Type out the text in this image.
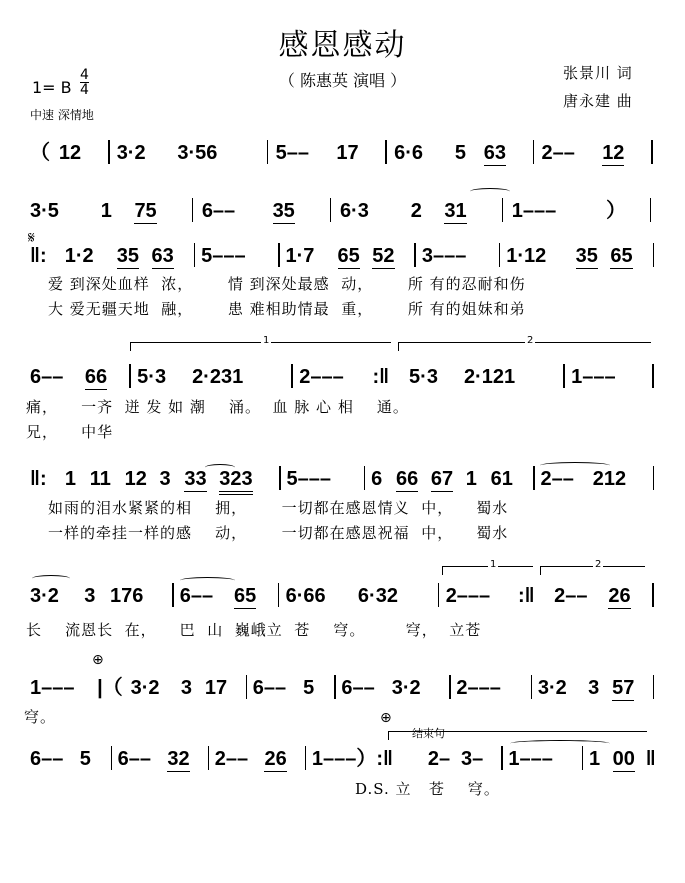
感恩感动
（ 陈惠英 演唱 ）	张景川 词
唐永建 曲
1= B
4
4
中速 深情地
（ 12 3·2 3·56	5–– 17 6·6 5 63 2–– 12
3·5 1 75 6–– 35 6·3 2 31 1––– ）
‖: 1·2 35 63 5––– 1·7 65 52 3––– 1·12 35 65
6–– 66 5·3 2·231	2––– :‖ 5·3 2·121	1–––
‖: 1 11 12 3 33 323 5––– 6 66 67 1 61 2–– 212
3·2 3 176 6–– 65 6·66 6·32 2––– :‖ 2–– 26
1––– |（ 3·2 3 17 6–– 5 6–– 3·2 2––– 3·2 3 57
6–– 5 6–– 32 2–– 26 1–––）:‖ 2– 3– 1––– 1 00 ‖
爱 到深处血样  浓，      情 到深处最感  动，      所 有的忍耐和伤
大 爱无疆天地  融，      患 难相助情最  重，      所 有的姐妹和弟
痛，    一齐  迸 发 如 潮    涌。  血 脉 心 相    通。
兄，    中华
如雨的泪水紧紧的相    拥，      一切都在感恩情义  中，    蜀水
一样的牵挂一样的感    动，      一切都在感恩祝福  中，    蜀水
长    流恩长  在，    巴  山  巍峨立  苍    穹。       穹，  立苍
穹。
D.S. 立   苍    穹。
𝄋
⊕
⊕
结束句
1	2
1	2
